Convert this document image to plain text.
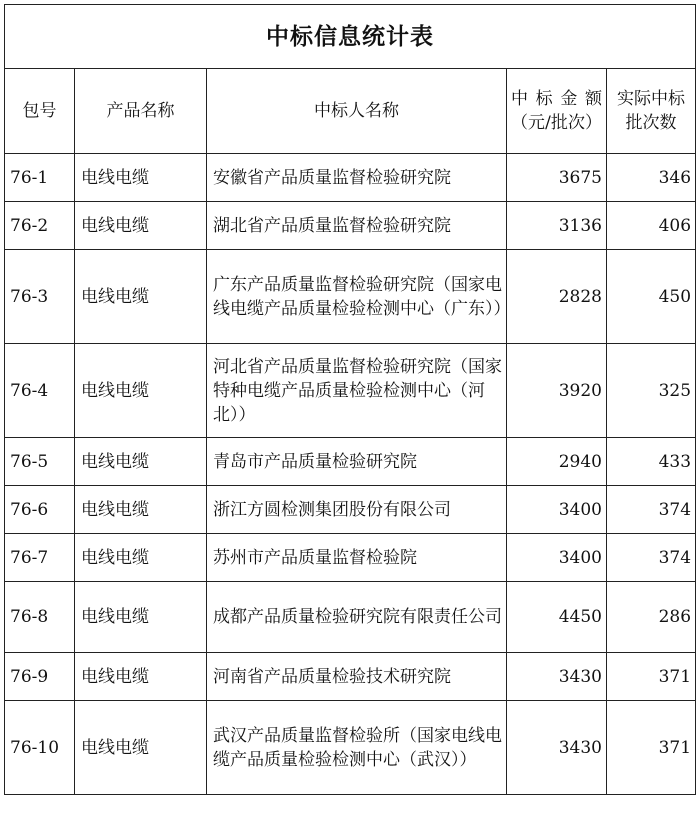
中标信息统计表				
包号	产品名称	中标人名称	中标金额（元/批次）	实际中标批次数
76-1	电线电缆	安徽省产品质量监督检验研究院	3675	346
76-2	电线电缆	湖北省产品质量监督检验研究院	3136	406
76-3	电线电缆	广东产品质量监督检验研究院（国家电线电缆产品质量检验检测中心（广东））	2828	450
76-4	电线电缆	河北省产品质量监督检验研究院（国家特种电缆产品质量检验检测中心（河北））	3920	325
76-5	电线电缆	青岛市产品质量检验研究院	2940	433
76-6	电线电缆	浙江方圆检测集团股份有限公司	3400	374
76-7	电线电缆	苏州市产品质量监督检验院	3400	374
76-8	电线电缆	成都产品质量检验研究院有限责任公司	4450	286
76-9	电线电缆	河南省产品质量检验技术研究院	3430	371
76-10	电线电缆	武汉产品质量监督检验所（国家电线电缆产品质量检验检测中心（武汉））	3430	371
